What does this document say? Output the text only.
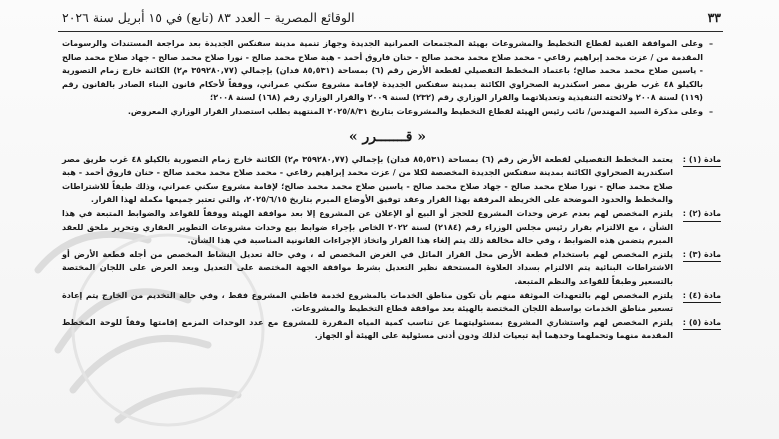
٣٣
الوقائع المصرية – العدد ٨٣ (تابع) في ١٥ أبريل سنة ٢٠٢٦

– وعلى الموافقة الفنية لقطاع التخطيط والمشروعات بهيئة المجتمعات العمرانية الجديدة وجهاز تنمية مدينة سفنكس الجديدة بعد مراجعة المستندات والرسومات المقدمة من / عزت محمد إبراهيم رقاعي - محمد صلاح محمد محمد صالح - حنان فاروق أحمد - هبة صلاح محمد صالح - نورا صلاح محمد صالح - جهاد صلاح محمد صالح - ياسين صلاح محمد محمد صالح؛ باعتماد المخطط التفصيلي لقطعة الأرض رقم (٦) بمساحة (٨٥,٥٣١ فدان) بإجمالي (٣٥٩٢٨٠,٧٧ م٢) الكائنة خارج زمام التصورية بالكيلو ٤٨ غرب طريق مصر اسكندرية الصحراوي الكائنة بمدينة سفنكس الجديدة لإقامة مشروع سكني عمراني، ووفقاً لأحكام قانون البناء الصادر بالقانون رقم (١١٩) لسنة ٢٠٠٨ ولائحته التنفيذية وتعديلاتهما والقرار الوزاري رقم (٢٣٢) لسنة ٢٠٠٩ والقرار الوزاري رقم (١٦٨) لسنة ٢٠٠٨؛

– وعلى مذكرة السيد المهندس/ نائب رئيس الهيئة لقطاع التخطيط والمشروعات بتاريخ ٢٠٢٥/٨/٣١ المنتهية بطلب استصدار القرار الوزاري المعروض.

« قـــــــرر »

مادة (١) :
يعتمد المخطط التفصيلي لقطعة الأرض رقم (٦) بمساحة (٨٥,٥٣١ فدان) بإجمالي (٣٥٩٢٨٠,٧٧ م٢) الكائنة خارج زمام التصورية بالكيلو ٤٨ غرب طريق مصر اسكندرية الصحراوي الكائنة بمدينة سفنكس الجديدة المخصصة لكلا من / عزت محمد إبراهيم رقاعي - محمد صلاح محمد محمد صالح - حنان فاروق أحمد - هبة صلاح محمد صالح - نورا صلاح محمد صالح - جهاد صلاح محمد صالح - ياسين صلاح محمد محمد صالح؛ لإقامة مشروع سكني عمراني، وذلك طبقاً للاشتراطات والمخطط والحدود الموضحة على الخريطة المرفقة بهذا القرار وعقد توفيق الأوضاع المبرم بتاريخ ٢٠٢٥/٦/١٥، والتي تعتبر جميعها مكملة لهذا القرار.

مادة (٢) :
يلتزم المخصص لهم بعدم عرض وحدات المشروع للحجز أو البيع أو الإعلان عن المشروع إلا بعد موافقة الهيئة ووفقاً للقواعد والضوابط المتبعة في هذا الشأن ، مع الالتزام بقرار رئيس مجلس الوزراء رقم (٢١٨٤) لسنة ٢٠٢٢ الخاص بإجراء ضوابط بيع وحدات مشروعات التطوير العقاري وتحرير ملحق للعقد المبرم يتضمن هذه الضوابط ، وفي حالة مخالفة ذلك يتم إلغاء هذا القرار واتخاذ الإجراءات القانونية المناسبة في هذا الشأن.

مادة (٣) :
يلتزم المخصص لهم باستخدام قطعة الأرض محل القرار المائل في الغرض المخصص له ، وفي حالة تعديل النشاط المخصص من أجله قطعة الأرض أو الاشتراطات البنائية يتم الالتزام بسداد العلاوة المستحقة نظير التعديل بشرط موافقة الجهة المختصة على التعديل وبعد العرض على اللجان المختصة بالتسعير وطبقاً للقواعد والنظم المتبعة.

مادة (٤) :
يلتزم المخصص لهم بالتعهدات الموثقة منهم بأن تكون مناطق الخدمات بالمشروع لخدمة قاطني المشروع فقط ، وفي حالة التخديم من الخارج يتم إعادة تسعير مناطق الخدمات بواسطة اللجان المختصة بالهيئة بعد موافقة قطاع التخطيط والمشروعات.

مادة (٥) :
يلتزم المخصص لهم واستشاري المشروع بمسئوليتهما عن تناسب كمية المياه المقررة للمشروع مع عدد الوحدات المزمع إقامتها وفقاً للوحة المخطط المقدمة منهما وتحملهما وحدهما أية تبعيات لذلك ودون أدنى مسئولية على الهيئة أو الجهاز.
